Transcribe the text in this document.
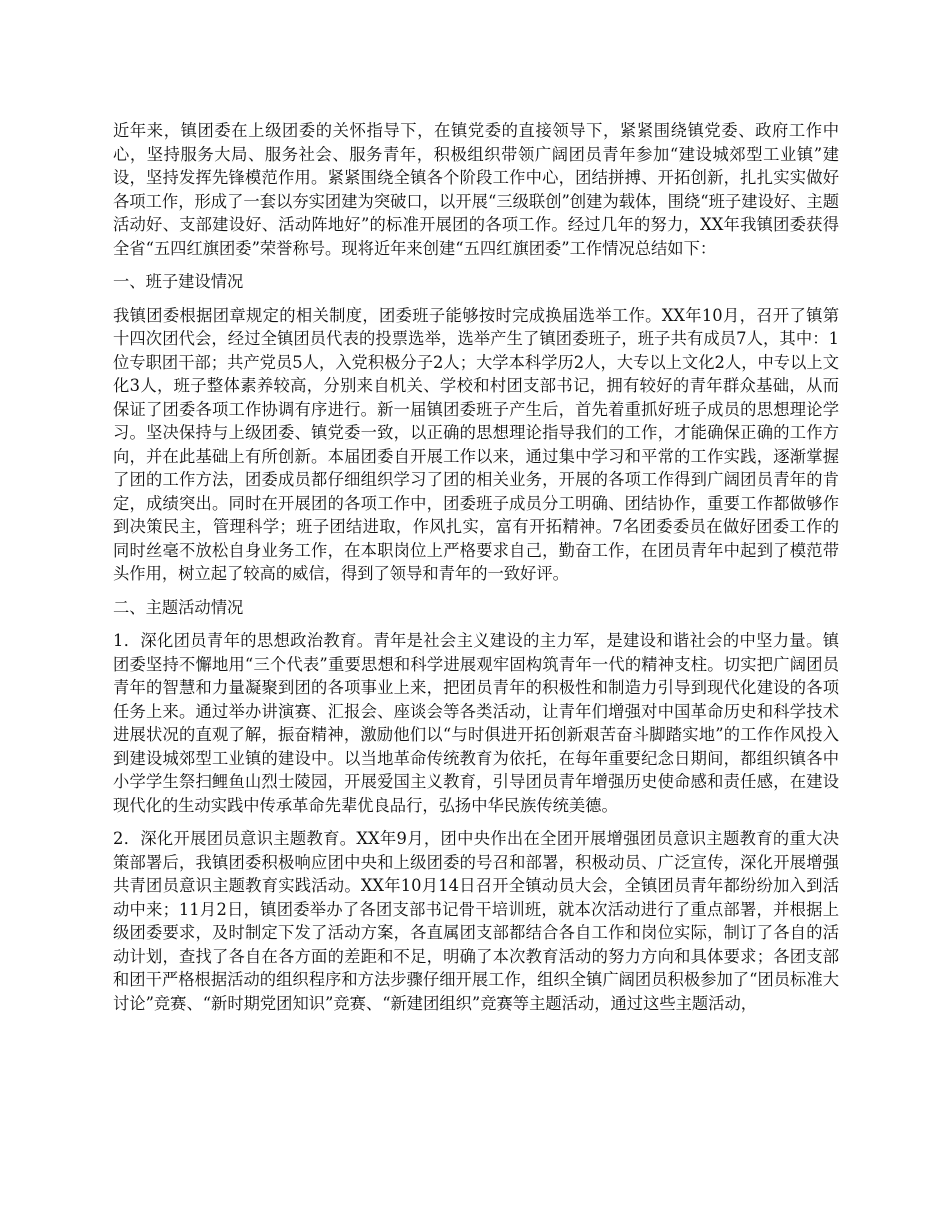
近年来，镇团委在上级团委的关怀指导下，在镇党委的直接领导下，紧紧围绕镇党委、政府工作中心，坚持服务大局、服务社会、服务青年，积极组织带领广阔团员青年参加“建设城郊型工业镇”建设，坚持发挥先锋模范作用。紧紧围绕全镇各个阶段工作中心，团结拼搏、开拓创新，扎扎实实做好各项工作，形成了一套以夯实团建为突破口，以开展“三级联创”创建为载体，围绕“班子建设好、主题活动好、支部建设好、活动阵地好”的标准开展团的各项工作。经过几年的努力，XX年我镇团委获得全省“五四红旗团委”荣誉称号。现将近年来创建“五四红旗团委”工作情况总结如下：

一、班子建设情况

我镇团委根据团章规定的相关制度，团委班子能够按时完成换届选举工作。XX年10月，召开了镇第十四次团代会，经过全镇团员代表的投票选举，选举产生了镇团委班子，班子共有成员7人，其中：1位专职团干部；共产党员5人，入党积极分子2人；大学本科学历2人，大专以上文化2人，中专以上文化3人，班子整体素养较高，分别来自机关、学校和村团支部书记，拥有较好的青年群众基础，从而保证了团委各项工作协调有序进行。新一届镇团委班子产生后，首先着重抓好班子成员的思想理论学习。坚决保持与上级团委、镇党委一致，以正确的思想理论指导我们的工作，才能确保正确的工作方向，并在此基础上有所创新。本届团委自开展工作以来，通过集中学习和平常的工作实践，逐渐掌握了团的工作方法，团委成员都仔细组织学习了团的相关业务，开展的各项工作得到广阔团员青年的肯定，成绩突出。同时在开展团的各项工作中，团委班子成员分工明确、团结协作，重要工作都做够作到决策民主，管理科学；班子团结进取，作风扎实，富有开拓精神。7名团委委员在做好团委工作的同时丝毫不放松自身业务工作，在本职岗位上严格要求自己，勤奋工作，在团员青年中起到了模范带头作用，树立起了较高的威信，得到了领导和青年的一致好评。

二、主题活动情况

1．深化团员青年的思想政治教育。青年是社会主义建设的主力军，是建设和谐社会的中坚力量。镇团委坚持不懈地用“三个代表”重要思想和科学进展观牢固构筑青年一代的精神支柱。切实把广阔团员青年的智慧和力量凝聚到团的各项事业上来，把团员青年的积极性和制造力引导到现代化建设的各项任务上来。通过举办讲演赛、汇报会、座谈会等各类活动，让青年们增强对中国革命历史和科学技术进展状况的直观了解，振奋精神，激励他们以“与时俱进开拓创新艰苦奋斗脚踏实地”的工作作风投入到建设城郊型工业镇的建设中。以当地革命传统教育为依托，在每年重要纪念日期间，都组织镇各中小学学生祭扫鲤鱼山烈士陵园，开展爱国主义教育，引导团员青年增强历史使命感和责任感，在建设现代化的生动实践中传承革命先辈优良品行，弘扬中华民族传统美德。

2．深化开展团员意识主题教育。XX年9月，团中央作出在全团开展增强团员意识主题教育的重大决策部署后，我镇团委积极响应团中央和上级团委的号召和部署，积极动员、广泛宣传，深化开展增强共青团员意识主题教育实践活动。XX年10月14日召开全镇动员大会，全镇团员青年都纷纷加入到活动中来；11月2日，镇团委举办了各团支部书记骨干培训班，就本次活动进行了重点部署，并根据上级团委要求，及时制定下发了活动方案，各直属团支部都结合各自工作和岗位实际，制订了各自的活动计划，查找了各自在各方面的差距和不足，明确了本次教育活动的努力方向和具体要求；各团支部和团干严格根据活动的组织程序和方法步骤仔细开展工作，组织全镇广阔团员积极参加了“团员标准大讨论”竞赛、“新时期党团知识”竞赛、“新建团组织”竞赛等主题活动，通过这些主题活动，
